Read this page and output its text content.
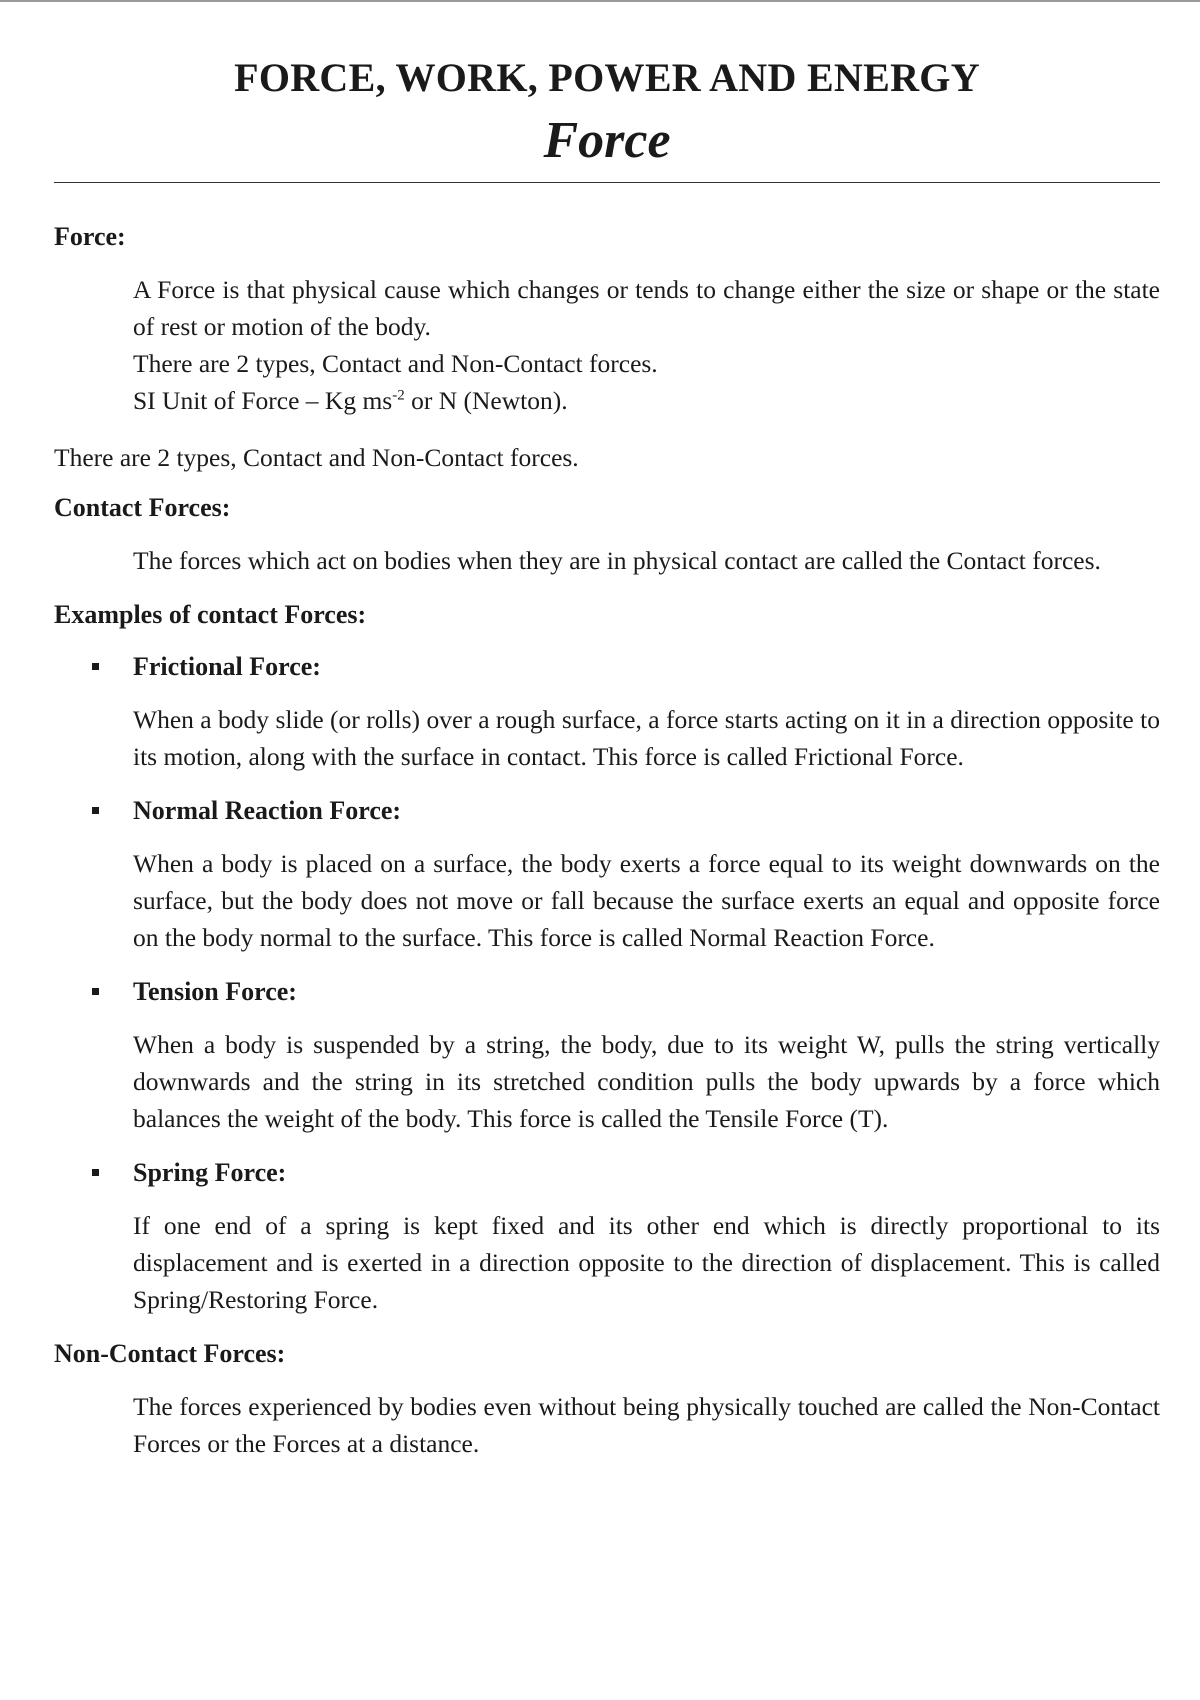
FORCE, WORK, POWER AND ENERGY
Force
Force:
A Force is that physical cause which changes or tends to change either the size or shape or the state of rest or motion of the body.
There are 2 types, Contact and Non-Contact forces.
SI Unit of Force – Kg $ms^{-2}$ or N (Newton).
There are 2 types, Contact and Non-Contact forces.
Contact Forces:
The forces which act on bodies when they are in physical contact are called the Contact forces.
Examples of contact Forces:
Frictional Force:
When a body slide (or rolls) over a rough surface, a force starts acting on it in a direction opposite to its motion, along with the surface in contact. This force is called Frictional Force.
Normal Reaction Force:
When a body is placed on a surface, the body exerts a force equal to its weight downwards on the surface, but the body does not move or fall because the surface exerts an equal and opposite force on the body normal to the surface. This force is called Normal Reaction Force.
Tension Force:
When a body is suspended by a string, the body, due to its weight W, pulls the string vertically downwards and the string in its stretched condition pulls the body upwards by a force which balances the weight of the body. This force is called the Tensile Force (T).
Spring Force:
If one end of a spring is kept fixed and its other end which is directly proportional to its displacement and is exerted in a direction opposite to the direction of displacement. This is called Spring/Restoring Force.
Non-Contact Forces:
The forces experienced by bodies even without being physically touched are called the Non-Contact Forces or the Forces at a distance.
